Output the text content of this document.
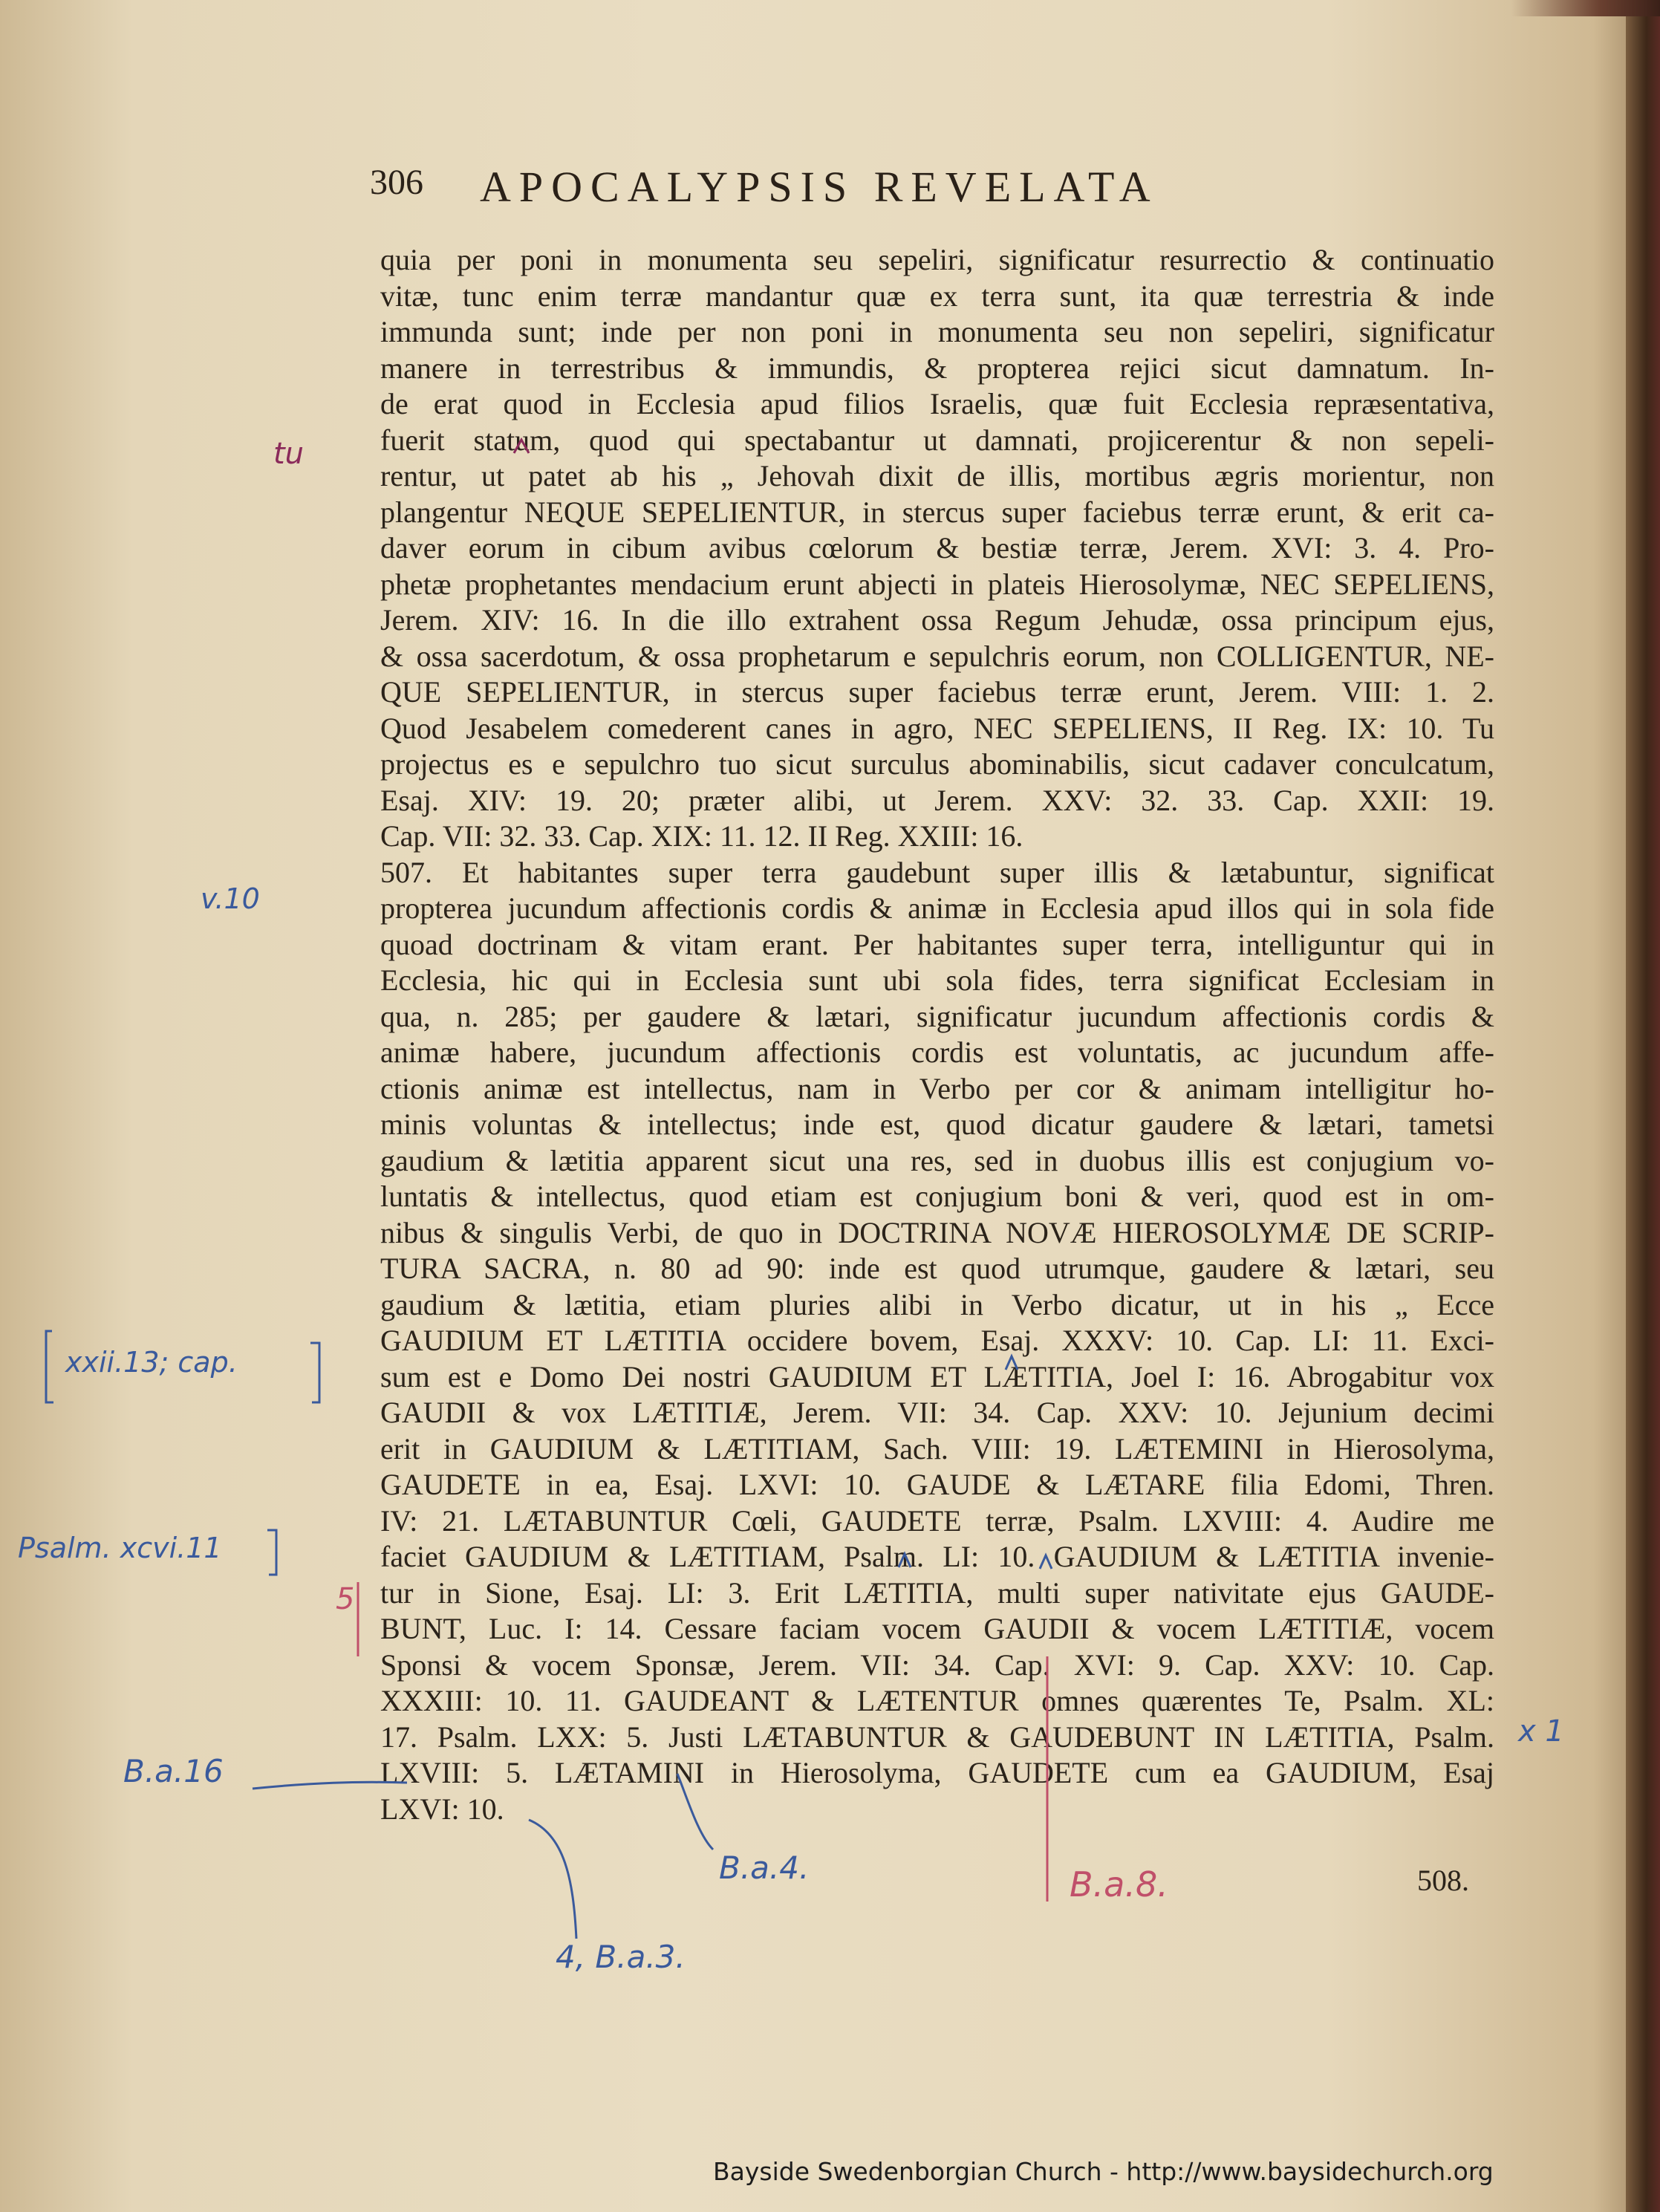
306 APOCALYPSIS REVELATA
quia per poni in monumenta seu sepeliri, significatur resurrectio & continuatio
vitæ, tunc enim terræ mandantur quæ ex terra sunt, ita quæ terrestria & inde
immunda sunt; inde per non poni in monumenta seu non sepeliri, significatur
manere in terrestribus & immundis, & propterea rejici sicut damnatum. In-
de erat quod in Ecclesia apud filios Israelis, quæ fuit Ecclesia repræsentativa,
fuerit statum, quod qui spectabantur ut damnati, projicerentur & non sepeli-
rentur, ut patet ab his „ Jehovah dixit de illis, mortibus ægris morientur, non
plangentur NEQUE SEPELIENTUR, in stercus super faciebus terræ erunt, & erit ca-
daver eorum in cibum avibus cœlorum & bestiæ terræ, Jerem. XVI: 3. 4. Pro-
phetæ prophetantes mendacium erunt abjecti in plateis Hierosolymæ, NEC SEPELIENS,
Jerem. XIV: 16. In die illo extrahent ossa Regum Jehudæ, ossa principum ejus,
& ossa sacerdotum, & ossa prophetarum e sepulchris eorum, non COLLIGENTUR, NE-
QUE SEPELIENTUR, in stercus super faciebus terræ erunt, Jerem. VIII: 1. 2.
Quod Jesabelem comederent canes in agro, NEC SEPELIENS, II Reg. IX: 10. Tu
projectus es e sepulchro tuo sicut surculus abominabilis, sicut cadaver conculcatum,
Esaj. XIV: 19. 20; præter alibi, ut Jerem. XXV: 32. 33. Cap. XXII: 19.
Cap. VII: 32. 33. Cap. XIX: 11. 12. II Reg. XXIII: 16.
507. Et habitantes super terra gaudebunt super illis & lætabuntur, significat
propterea jucundum affectionis cordis & animæ in Ecclesia apud illos qui in sola fide
quoad doctrinam & vitam erant. Per habitantes super terra, intelliguntur qui in
Ecclesia, hic qui in Ecclesia sunt ubi sola fides, terra significat Ecclesiam in
qua, n. 285; per gaudere & lætari, significatur jucundum affectionis cordis &
animæ habere, jucundum affectionis cordis est voluntatis, ac jucundum affe-
ctionis animæ est intellectus, nam in Verbo per cor & animam intelligitur ho-
minis voluntas & intellectus; inde est, quod dicatur gaudere & lætari, tametsi
gaudium & lætitia apparent sicut una res, sed in duobus illis est conjugium vo-
luntatis & intellectus, quod etiam est conjugium boni & veri, quod est in om-
nibus & singulis Verbi, de quo in DOCTRINA NOVÆ HIEROSOLYMÆ DE SCRIP-
TURA SACRA, n. 80 ad 90: inde est quod utrumque, gaudere & lætari, seu
gaudium & lætitia, etiam pluries alibi in Verbo dicatur, ut in his „ Ecce
GAUDIUM ET LÆTITIA occidere bovem, Esaj. XXXV: 10. Cap. LI: 11. Exci-
sum est e Domo Dei nostri GAUDIUM ET LÆTITIA, Joel I: 16. Abrogabitur vox
GAUDII & vox LÆTITIÆ, Jerem. VII: 34. Cap. XXV: 10. Jejunium decimi
erit in GAUDIUM & LÆTITIAM, Sach. VIII: 19. LÆTEMINI in Hierosolyma,
GAUDETE in ea, Esaj. LXVI: 10. GAUDE & LÆTARE filia Edomi, Thren.
IV: 21. LÆTABUNTUR Cœli, GAUDETE terræ, Psalm. LXVIII: 4. Audire me
faciet GAUDIUM & LÆTITIAM, Psalm. LI: 10. GAUDIUM & LÆTITIA invenie-
tur in Sione, Esaj. LI: 3. Erit LÆTITIA, multi super nativitate ejus GAUDE-
BUNT, Luc. I: 14. Cessare faciam vocem GAUDII & vocem LÆTITIÆ, vocem
Sponsi & vocem Sponsæ, Jerem. VII: 34. Cap. XVI: 9. Cap. XXV: 10. Cap.
XXXIII: 10. 11. GAUDEANT & LÆTENTUR omnes quærentes Te, Psalm. XL:
17. Psalm. LXX: 5. Justi LÆTABUNTUR & GAUDEBUNT IN LÆTITIA, Psalm.
LXVIII: 5. LÆTAMINI in Hierosolyma, GAUDETE cum ea GAUDIUM, Esaj
LXVI: 10.
tu
v.10
xxii.13; cap.
Psalm. xcvi.11
5
x 1
B.a.16
B.a.4.	B.a.8.
4, B.a.3.
508.
Bayside Swedenborgian Church - http://www.baysidechurch.org
